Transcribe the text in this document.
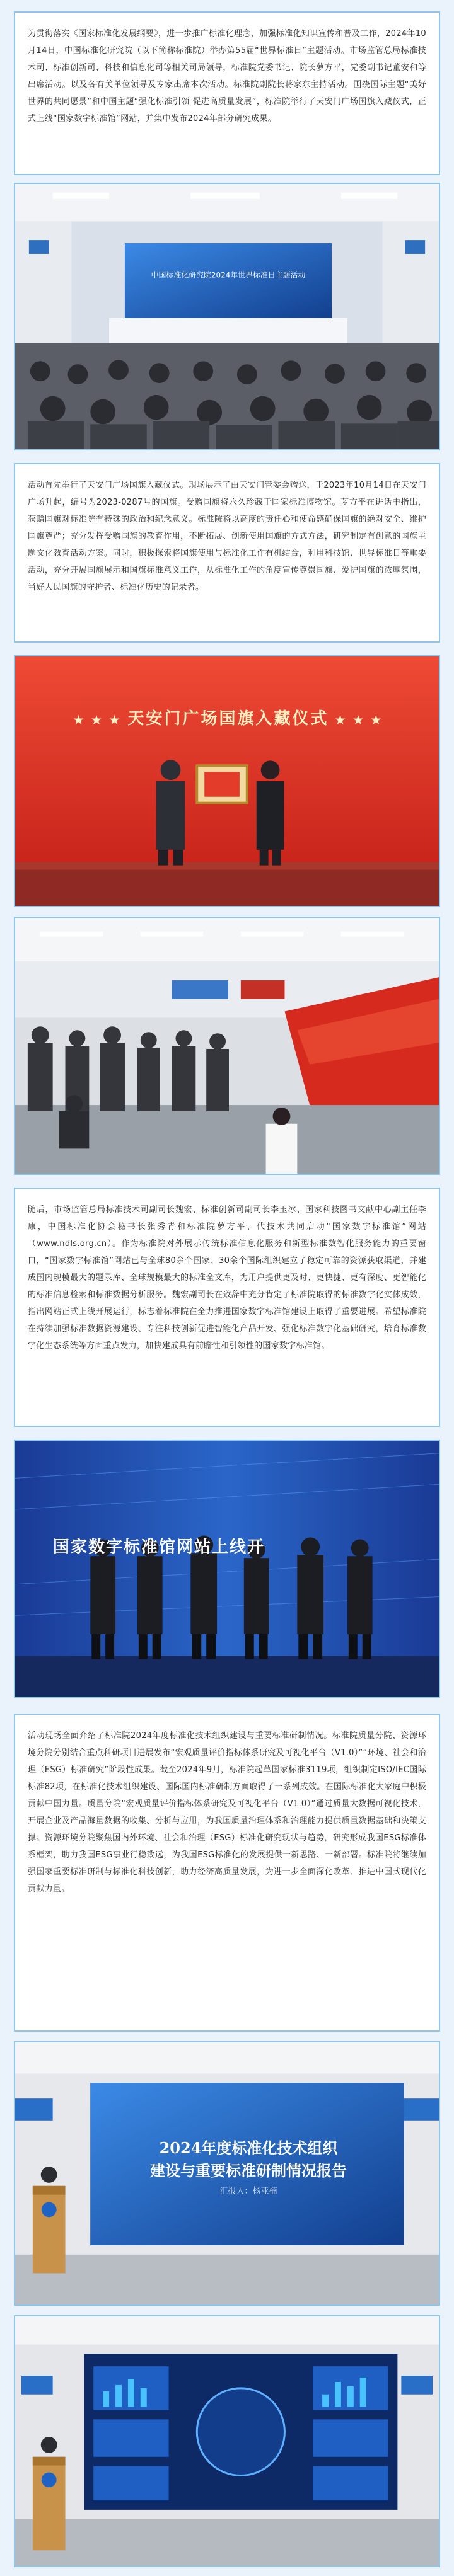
为贯彻落实《国家标准化发展纲要》，进一步推广标准化理念，加强标准化知识宣传和普及工作，2024年10月14日，中国标准化研究院（以下简称标准院）举办第55届“世界标准日”主题活动。市场监管总局标准技术司、标准创新司、科技和信息化司等相关司局领导，标准院党委书记、院长萝方平，党委副书记董安和等出席活动。以及各有关单位领导及专家出席本次活动。标准院副院长蒋家东主持活动。围绕国际主题“美好世界的共同愿景”和中国主题“强化标准引领 促进高质量发展”，标准院举行了天安门广场国旗入藏仪式，正式上线“国家数字标准馆”网站，并集中发布2024年部分研究成果。
中国标准化研究院2024年世界标准日主题活动
活动首先举行了天安门广场国旗入藏仪式。现场展示了由天安门管委会赠送，于2023年10月14日在天安门广场升起，编号为2023-0287号的国旗。受赠国旗将永久珍藏于国家标准博物馆。萝方平在讲话中指出，获赠国旗对标准院有特殊的政治和纪念意义。标准院将以高度的责任心和使命感确保国旗的绝对安全、维护国旗尊严；充分发挥受赠国旗的教育作用，不断拓展、创新使用国旗的方式方法，研究制定有创意的国旗主题文化教育活动方案。同时，积极探索将国旗使用与标准化工作有机结合，利用科技馆、世界标准日等重要活动，充分开展国旗展示和国旗标准意义工作，从标准化工作的角度宣传尊崇国旗、爱护国旗的浓厚氛围，当好人民国旗的守护者、标准化历史的记录者。
★ ★ ★ 天安门广场国旗入藏仪式 ★ ★ ★
随后，市场监管总局标准技术司副司长魏宏、标准创新司副司长李玉冰、国家科技图书文献中心副主任李康，中国标准化协会秘书长张秀青和标准院萝方平、代技术共同启动“国家数字标准馆”网站（www.ndls.org.cn）。作为标准院对外展示传统标准信息化服务和新型标准数智化服务能力的重要窗口，“国家数字标准馆”网站已与全球80余个国家、30余个国际组织建立了稳定可靠的资源获取渠道，并建成国内规模最大的题录库、全球规模最大的标准全文库，为用户提供更及时、更快捷、更有深度、更智能化的标准信息检索和标准数据分析服务。魏宏副司长在致辞中充分肯定了标准院取得的标准数字化实体成效，指出网站正式上线开展运行，标志着标准院在全力推进国家数字标准馆建设上取得了重要进展。希望标准院在持续加强标准数据资源建设、专注科技创新促进智能化产品开发、强化标准数字化基础研究，培育标准数字化生态系统等方面重点发力，加快建成具有前瞻性和引领性的国家数字标准馆。
国家数字标准馆网站上线开
活动现场全面介绍了标准院2024年度标准化技术组织建设与重要标准研制情况。标准院质量分院、资源环境分院分别结合重点科研项目进展发布“宏观质量评价指标体系研究及可视化平台（V1.0）”“环境、社会和治理（ESG）标准研究”阶段性成果。截至2024年9月，标准院起草国家标准3119项，组织制定ISO/IEC国际标准82项，在标准化技术组织建设、国际国内标准研制方面取得了一系列成效。在国际标准化大家庭中积极贡献中国力量。质量分院“宏观质量评价指标体系研究及可视化平台（V1.0）”通过质量大数据可视化技术，开展企业及产品海量数据的收集、分析与应用，为我国质量治理体系和治理能力提供质量数据基础和决策支撑。资源环境分院聚焦国内外环境、社会和治理（ESG）标准化研究现状与趋势，研究形成我国ESG标准体系框架，助力我国ESG事业行稳致远，为我国ESG标准化的发展提供一新思路、一新部署。标准院将继续加强国家重要标准研制与标准化科技创新，助力经济高质量发展，为进一步全面深化改革、推进中国式现代化贡献力量。
2024年度标准化技术组织
建设与重要标准研制情况报告
汇报人：杨亚楠
